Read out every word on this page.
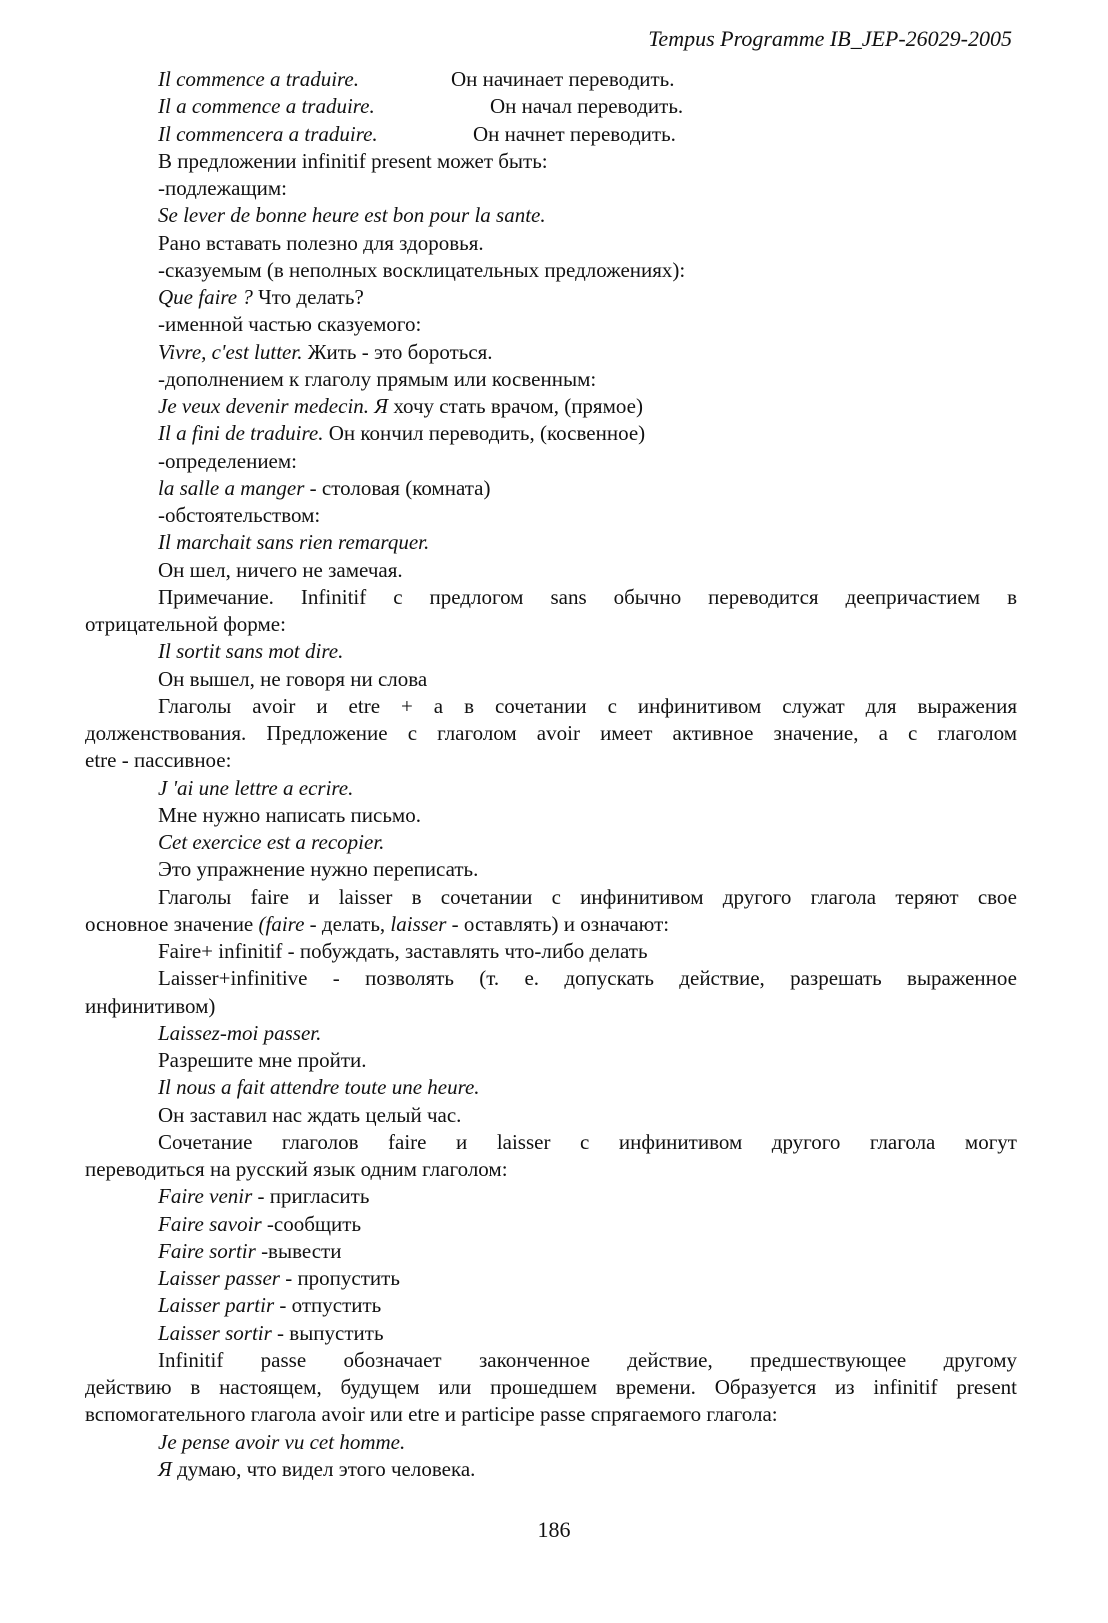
Tempus Programme IB_JEP-26029-2005
Il commence a traduire.	Он начинает переводить.
Il a commence a traduire.	Он начал переводить.
Il commencera a traduire.	Он начнет переводить.
В предложении infinitif present может быть:
-подлежащим:
Se lever de bonne heure est bon pour la sante.
Рано вставать полезно для здоровья.
-сказуемым (в неполных восклицательных предложениях):
Que faire ? Что делать?
-именной частью сказуемого:
Vivre, c'est lutter. Жить - это бороться.
-дополнением к глаголу прямым или косвенным:
Je veux devenir medecin. Я хочу стать врачом, (прямое)
Il a fini de traduire. Он кончил переводить, (косвенное)
-определением:
la salle a manger - столовая (комната)
-обстоятельством:
Il marchait sans rien remarquer.
Он шел, ничего не замечая.
Примечание. Infinitif с предлогом sans обычно переводится деепричастием в
отрицательной форме:
Il sortit sans mot dire.
Он вышел, не говоря ни слова
Глаголы avoir и etre + a в сочетании с инфинитивом служат для выражения
долженствования. Предложение с глаголом avoir имеет активное значение, а с глаголом
etre - пассивное:
J 'ai une lettre a ecrire.
Мне нужно написать письмо.
Cet exercice est a recopier.
Это упражнение нужно переписать.
Глаголы faire и laisser в сочетании с инфинитивом другого глагола теряют свое
основное значение (faire - делать, laisser - оставлять) и означают:
Faire+ infinitif - побуждать, заставлять что-либо делать
Laisser+infinitive - позволять (т. е. допускать действие, разрешать выраженное
инфинитивом)
Laissez-moi passer.
Разрешите мне пройти.
Il nous a fait attendre toute une heure.
Он заставил нас ждать целый час.
Сочетание глаголов faire и laisser с инфинитивом другого глагола могут
переводиться на русский язык одним глаголом:
Faire venir - пригласить
Faire savoir -сообщить
Faire sortir -вывести
Laisser passer - пропустить
Laisser partir - отпустить
Laisser sortir - выпустить
Infinitif passe обозначает законченное действие, предшествующее другому
действию в настоящем, будущем или прошедшем времени. Образуется из infinitif present
вспомогательного глагола avoir или etre и participe passe спрягаемого глагола:
Je pense avoir vu cet homme.
Я думаю, что видел этого человека.
186
